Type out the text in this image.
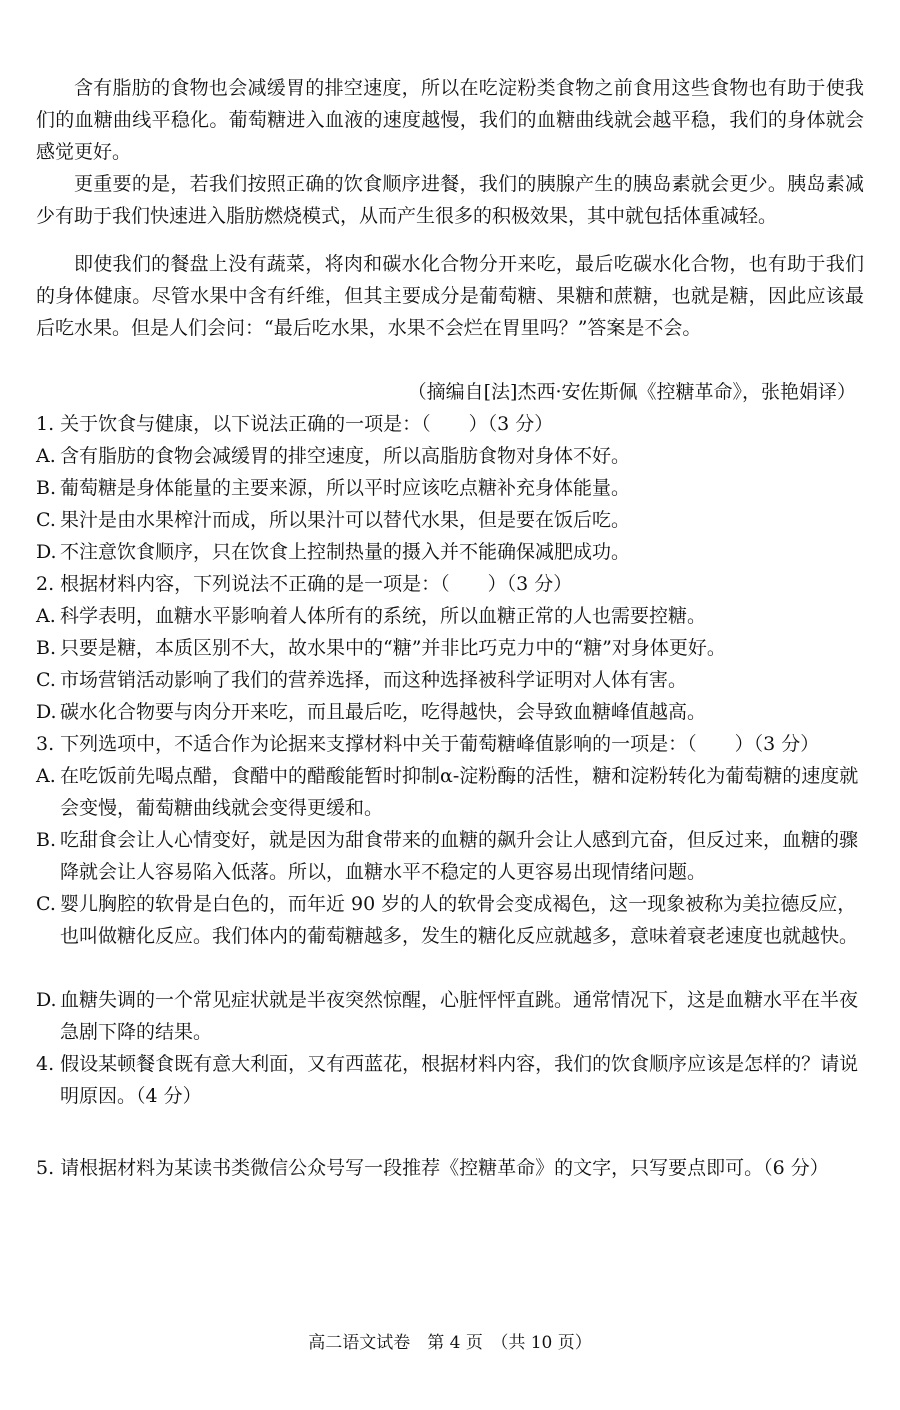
含有脂肪的食物也会减缓胃的排空速度，所以在吃淀粉类食物之前食用这些食物也有助于使我们的血糖曲线平稳化。葡萄糖进入血液的速度越慢，我们的血糖曲线就会越平稳，我们的身体就会感觉更好。

更重要的是，若我们按照正确的饮食顺序进餐，我们的胰腺产生的胰岛素就会更少。胰岛素减少有助于我们快速进入脂肪燃烧模式，从而产生很多的积极效果，其中就包括体重减轻。

即使我们的餐盘上没有蔬菜，将肉和碳水化合物分开来吃，最后吃碳水化合物，也有助于我们的身体健康。尽管水果中含有纤维，但其主要成分是葡萄糖、果糖和蔗糖，也就是糖，因此应该最后吃水果。但是人们会问：“最后吃水果，水果不会烂在胃里吗？”答案是不会。

（摘编自[法]杰西·安佐斯佩《控糖革命》，张艳娟译）
1. 关于饮食与健康，以下说法正确的一项是：（　　）（3 分）
A. 含有脂肪的食物会减缓胃的排空速度，所以高脂肪食物对身体不好。
B. 葡萄糖是身体能量的主要来源，所以平时应该吃点糖补充身体能量。
C. 果汁是由水果榨汁而成，所以果汁可以替代水果，但是要在饭后吃。
D. 不注意饮食顺序，只在饮食上控制热量的摄入并不能确保减肥成功。
2. 根据材料内容，下列说法不正确的是一项是：（　　）（3 分）
A. 科学表明，血糖水平影响着人体所有的系统，所以血糖正常的人也需要控糖。
B. 只要是糖，本质区别不大，故水果中的“糖”并非比巧克力中的“糖”对身体更好。
C. 市场营销活动影响了我们的营养选择，而这种选择被科学证明对人体有害。
D. 碳水化合物要与肉分开来吃，而且最后吃，吃得越快，会导致血糖峰值越高。
3. 下列选项中，不适合作为论据来支撑材料中关于葡萄糖峰值影响的一项是：（　　）（3 分）
A. 在吃饭前先喝点醋，食醋中的醋酸能暂时抑制α-淀粉酶的活性，糖和淀粉转化为葡萄糖的速度就会变慢，葡萄糖曲线就会变得更缓和。
B. 吃甜食会让人心情变好，就是因为甜食带来的血糖的飙升会让人感到亢奋，但反过来，血糖的骤降就会让人容易陷入低落。所以，血糖水平不稳定的人更容易出现情绪问题。
C. 婴儿胸腔的软骨是白色的，而年近 90 岁的人的软骨会变成褐色，这一现象被称为美拉德反应，也叫做糖化反应。我们体内的葡萄糖越多，发生的糖化反应就越多，意味着衰老速度也就越快。
D. 血糖失调的一个常见症状就是半夜突然惊醒，心脏怦怦直跳。通常情况下，这是血糖水平在半夜急剧下降的结果。
4. 假设某顿餐食既有意大利面，又有西蓝花，根据材料内容，我们的饮食顺序应该是怎样的？请说明原因。（4 分）
5. 请根据材料为某读书类微信公众号写一段推荐《控糖革命》的文字，只写要点即可。（6 分）
高二语文试卷　第 4 页　（共 10 页）
